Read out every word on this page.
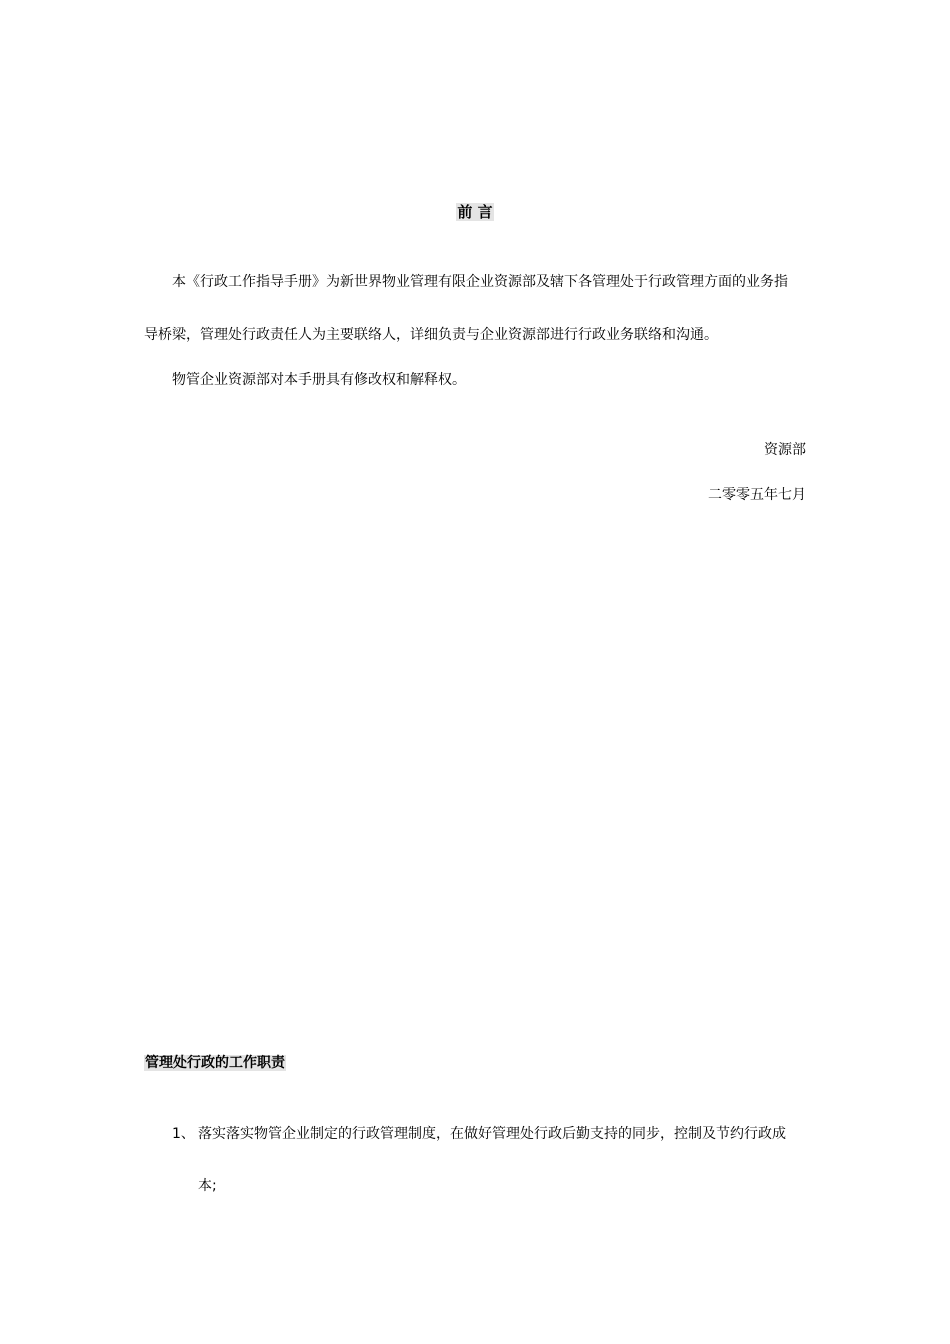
前 言
本《行政工作指导手册》为新世界物业管理有限企业资源部及辖下各管理处于行政管理方面的业务指
导桥梁，管理处行政责任人为主要联络人，详细负责与企业资源部进行行政业务联络和沟通。
物管企业资源部对本手册具有修改权和解释权。
资源部
二零零五年七月
管理处行政的工作职责
1、 落实落实物管企业制定的行政管理制度，在做好管理处行政后勤支持的同步，控制及节约行政成
本;
